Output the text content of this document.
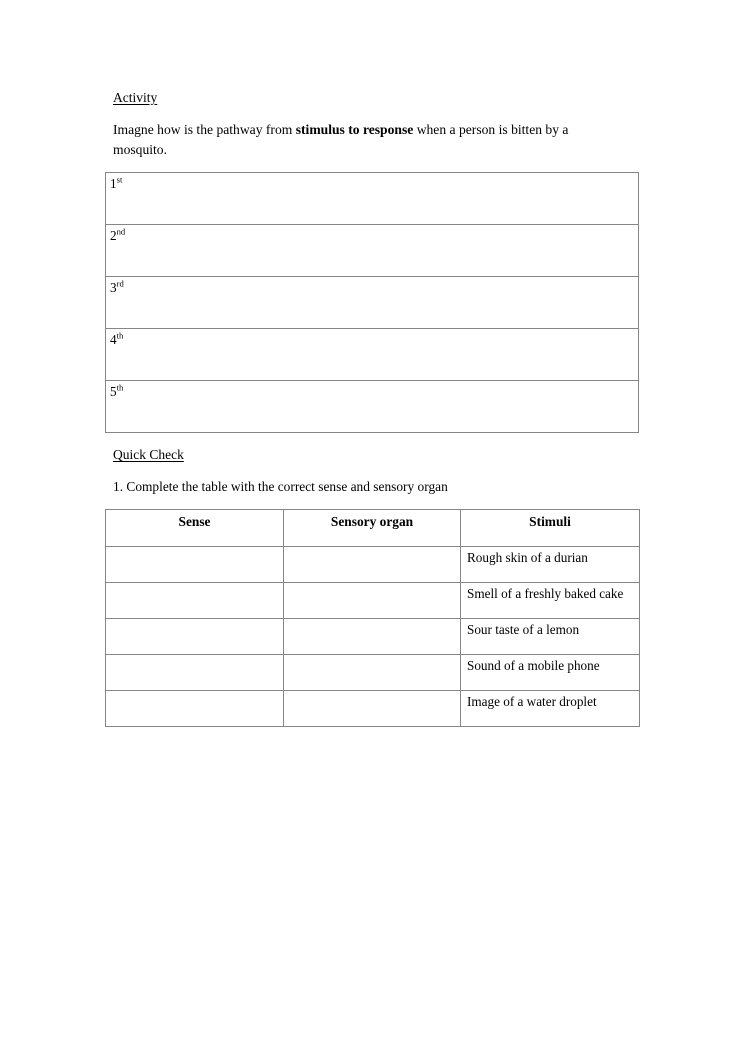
Activity
Imagne how is the pathway from stimulus to response when a person is bitten by a mosquito.
1st
2nd
3rd
4th
5th
Quick Check
1. Complete the table with the correct sense and sensory organ
Sense	Sensory organ	Stimuli
		Rough skin of a durian
		Smell of a freshly baked cake
		Sour taste of a lemon
		Sound of a mobile phone
		Image of a water droplet
